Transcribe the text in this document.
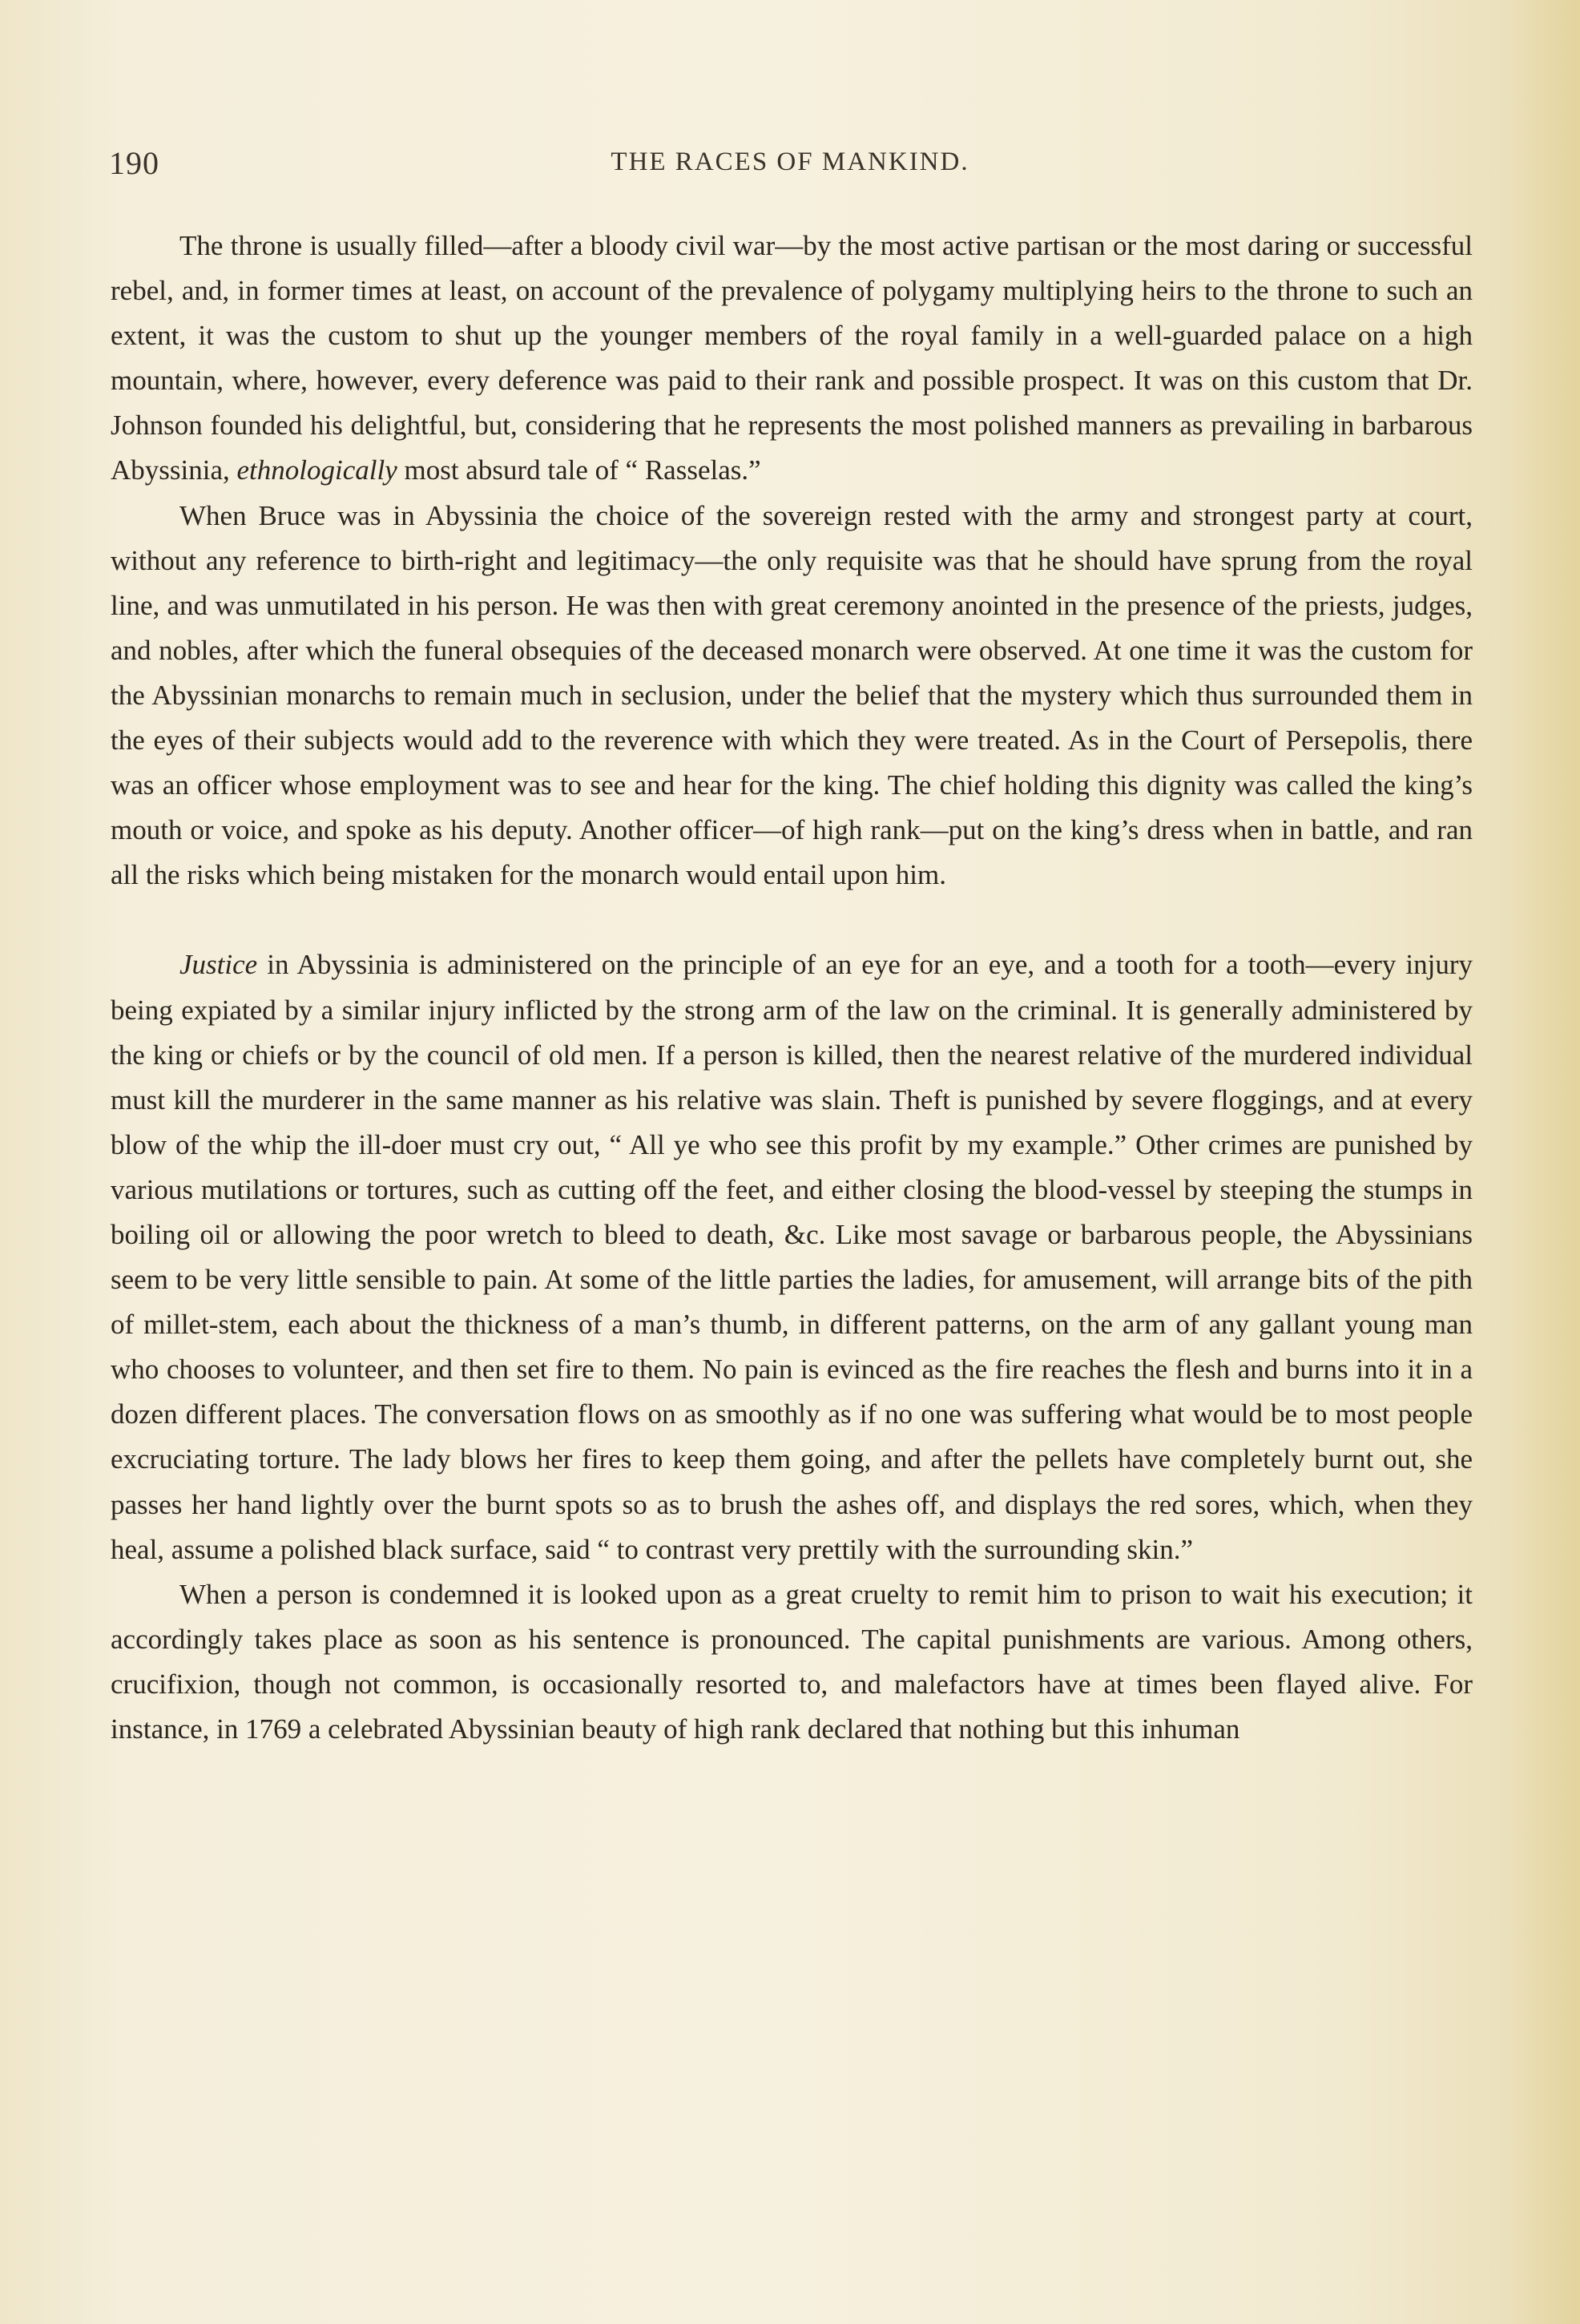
190	THE RACES OF MANKIND.

The throne is usually filled—after a bloody civil war—by the most active partisan or the most daring or successful rebel, and, in former times at least, on account of the prevalence of polygamy multiplying heirs to the throne to such an extent, it was the custom to shut up the younger members of the royal family in a well-guarded palace on a high mountain, where, however, every deference was paid to their rank and possible prospect. It was on this custom that Dr. Johnson founded his delightful, but, considering that he represents the most polished manners as prevailing in barbarous Abyssinia, ethnologically most absurd tale of “ Rasselas.”

When Bruce was in Abyssinia the choice of the sovereign rested with the army and strongest party at court, without any reference to birth-right and legitimacy—the only requisite was that he should have sprung from the royal line, and was unmutilated in his person. He was then with great ceremony anointed in the presence of the priests, judges, and nobles, after which the funeral obsequies of the deceased monarch were observed. At one time it was the custom for the Abyssinian monarchs to remain much in seclusion, under the belief that the mystery which thus surrounded them in the eyes of their subjects would add to the reverence with which they were treated. As in the Court of Persepolis, there was an officer whose employment was to see and hear for the king. The chief holding this dignity was called the king’s mouth or voice, and spoke as his deputy. Another officer—of high rank—put on the king’s dress when in battle, and ran all the risks which being mistaken for the monarch would entail upon him.

Justice in Abyssinia is administered on the principle of an eye for an eye, and a tooth for a tooth—every injury being expiated by a similar injury inflicted by the strong arm of the law on the criminal. It is generally administered by the king or chiefs or by the council of old men. If a person is killed, then the nearest relative of the murdered individual must kill the murderer in the same manner as his relative was slain. Theft is punished by severe floggings, and at every blow of the whip the ill-doer must cry out, “ All ye who see this profit by my example.” Other crimes are punished by various mutilations or tortures, such as cutting off the feet, and either closing the blood-vessel by steeping the stumps in boiling oil or allowing the poor wretch to bleed to death, &c. Like most savage or barbarous people, the Abyssinians seem to be very little sensible to pain. At some of the little parties the ladies, for amusement, will arrange bits of the pith of millet-stem, each about the thickness of a man’s thumb, in different patterns, on the arm of any gallant young man who chooses to volunteer, and then set fire to them. No pain is evinced as the fire reaches the flesh and burns into it in a dozen different places. The conversation flows on as smoothly as if no one was suffering what would be to most people excruciating torture. The lady blows her fires to keep them going, and after the pellets have completely burnt out, she passes her hand lightly over the burnt spots so as to brush the ashes off, and displays the red sores, which, when they heal, assume a polished black surface, said “ to contrast very prettily with the surrounding skin.”

When a person is condemned it is looked upon as a great cruelty to remit him to prison to wait his execution; it accordingly takes place as soon as his sentence is pronounced. The capital punishments are various. Among others, crucifixion, though not common, is occasionally resorted to, and malefactors have at times been flayed alive. For instance, in 1769 a celebrated Abyssinian beauty of high rank declared that nothing but this inhuman
